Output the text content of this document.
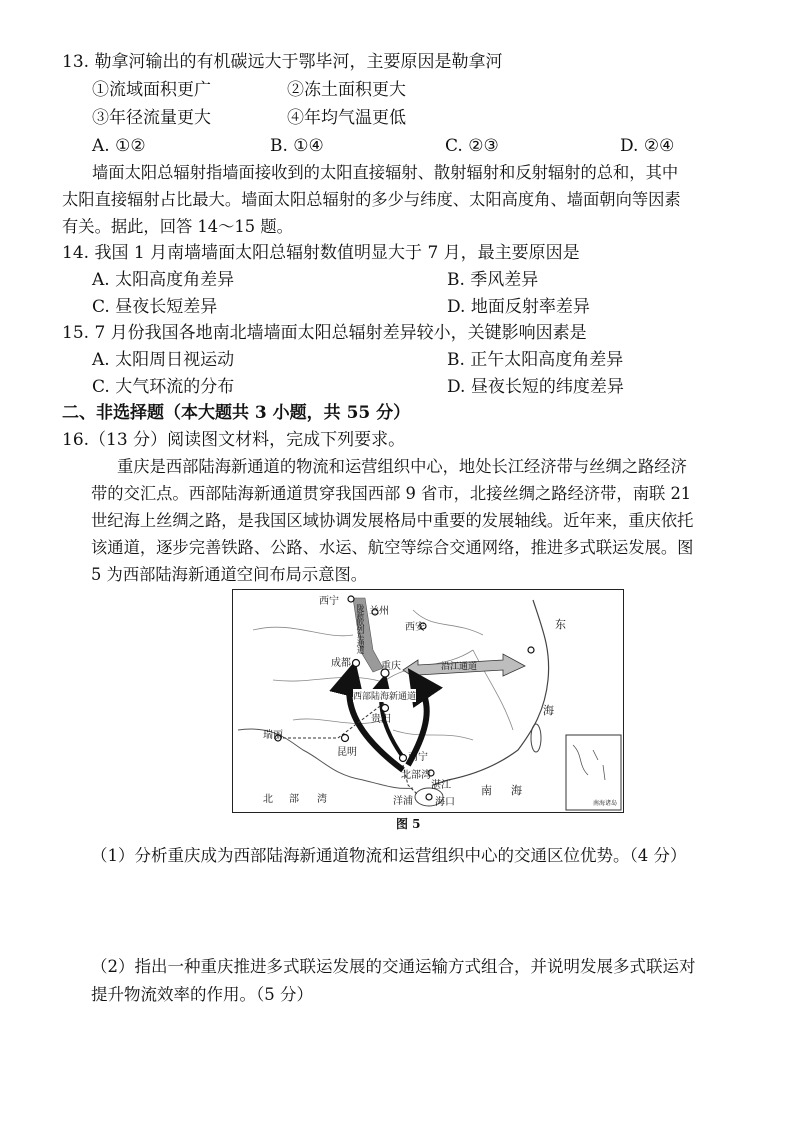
13. 勒拿河输出的有机碳远大于鄂毕河，主要原因是勒拿河
①流域面积更广	②冻土面积更大
③年径流量更大	④年均气温更低
A. ①②	B. ①④	C. ②③	D. ②④
墙面太阳总辐射指墙面接收到的太阳直接辐射、散射辐射和反射辐射的总和，其中
太阳直接辐射占比最大。墙面太阳总辐射的多少与纬度、太阳高度角、墙面朝向等因素
有关。据此，回答 14～15 题。
14. 我国 1 月南墙墙面太阳总辐射数值明显大于 7 月，最主要原因是
A. 太阳高度角差异	B. 季风差异
C. 昼夜长短差异	D. 地面反射率差异
15. 7 月份我国各地南北墙墙面太阳总辐射差异较小，关键影响因素是
A. 太阳周日视运动	B. 正午太阳高度角差异
C. 大气环流的分布	D. 昼夜长短的纬度差异
二、非选择题（本大题共 3 小题，共 55 分）
16.（13 分）阅读图文材料，完成下列要求。
重庆是西部陆海新通道的物流和运营组织中心，地处长江经济带与丝绸之路经济
带的交汇点。西部陆海新通道贯穿我国西部 9 省市，北接丝绸之路经济带，南联 21
世纪海上丝绸之路，是我国区域协调发展格局中重要的发展轴线。近年来，重庆依托
该通道，逐步完善铁路、公路、水运、航空等综合交通网络，推进多式联运发展。图
5 为西部陆海新通道空间布局示意图。
西宁
兰州
西安
成都	重庆
贵阳
昆明
瑞丽
南宁
北部湾
湛江
洋浦 海口
东
海
南 海
北 部 湾
陇新欧列车通道
沿江通道
西部陆海新通道
南海诸岛
图 5
（1）分析重庆成为西部陆海新通道物流和运营组织中心的交通区位优势。（4 分）
（2）指出一种重庆推进多式联运发展的交通运输方式组合，并说明发展多式联运对
提升物流效率的作用。（5 分）
